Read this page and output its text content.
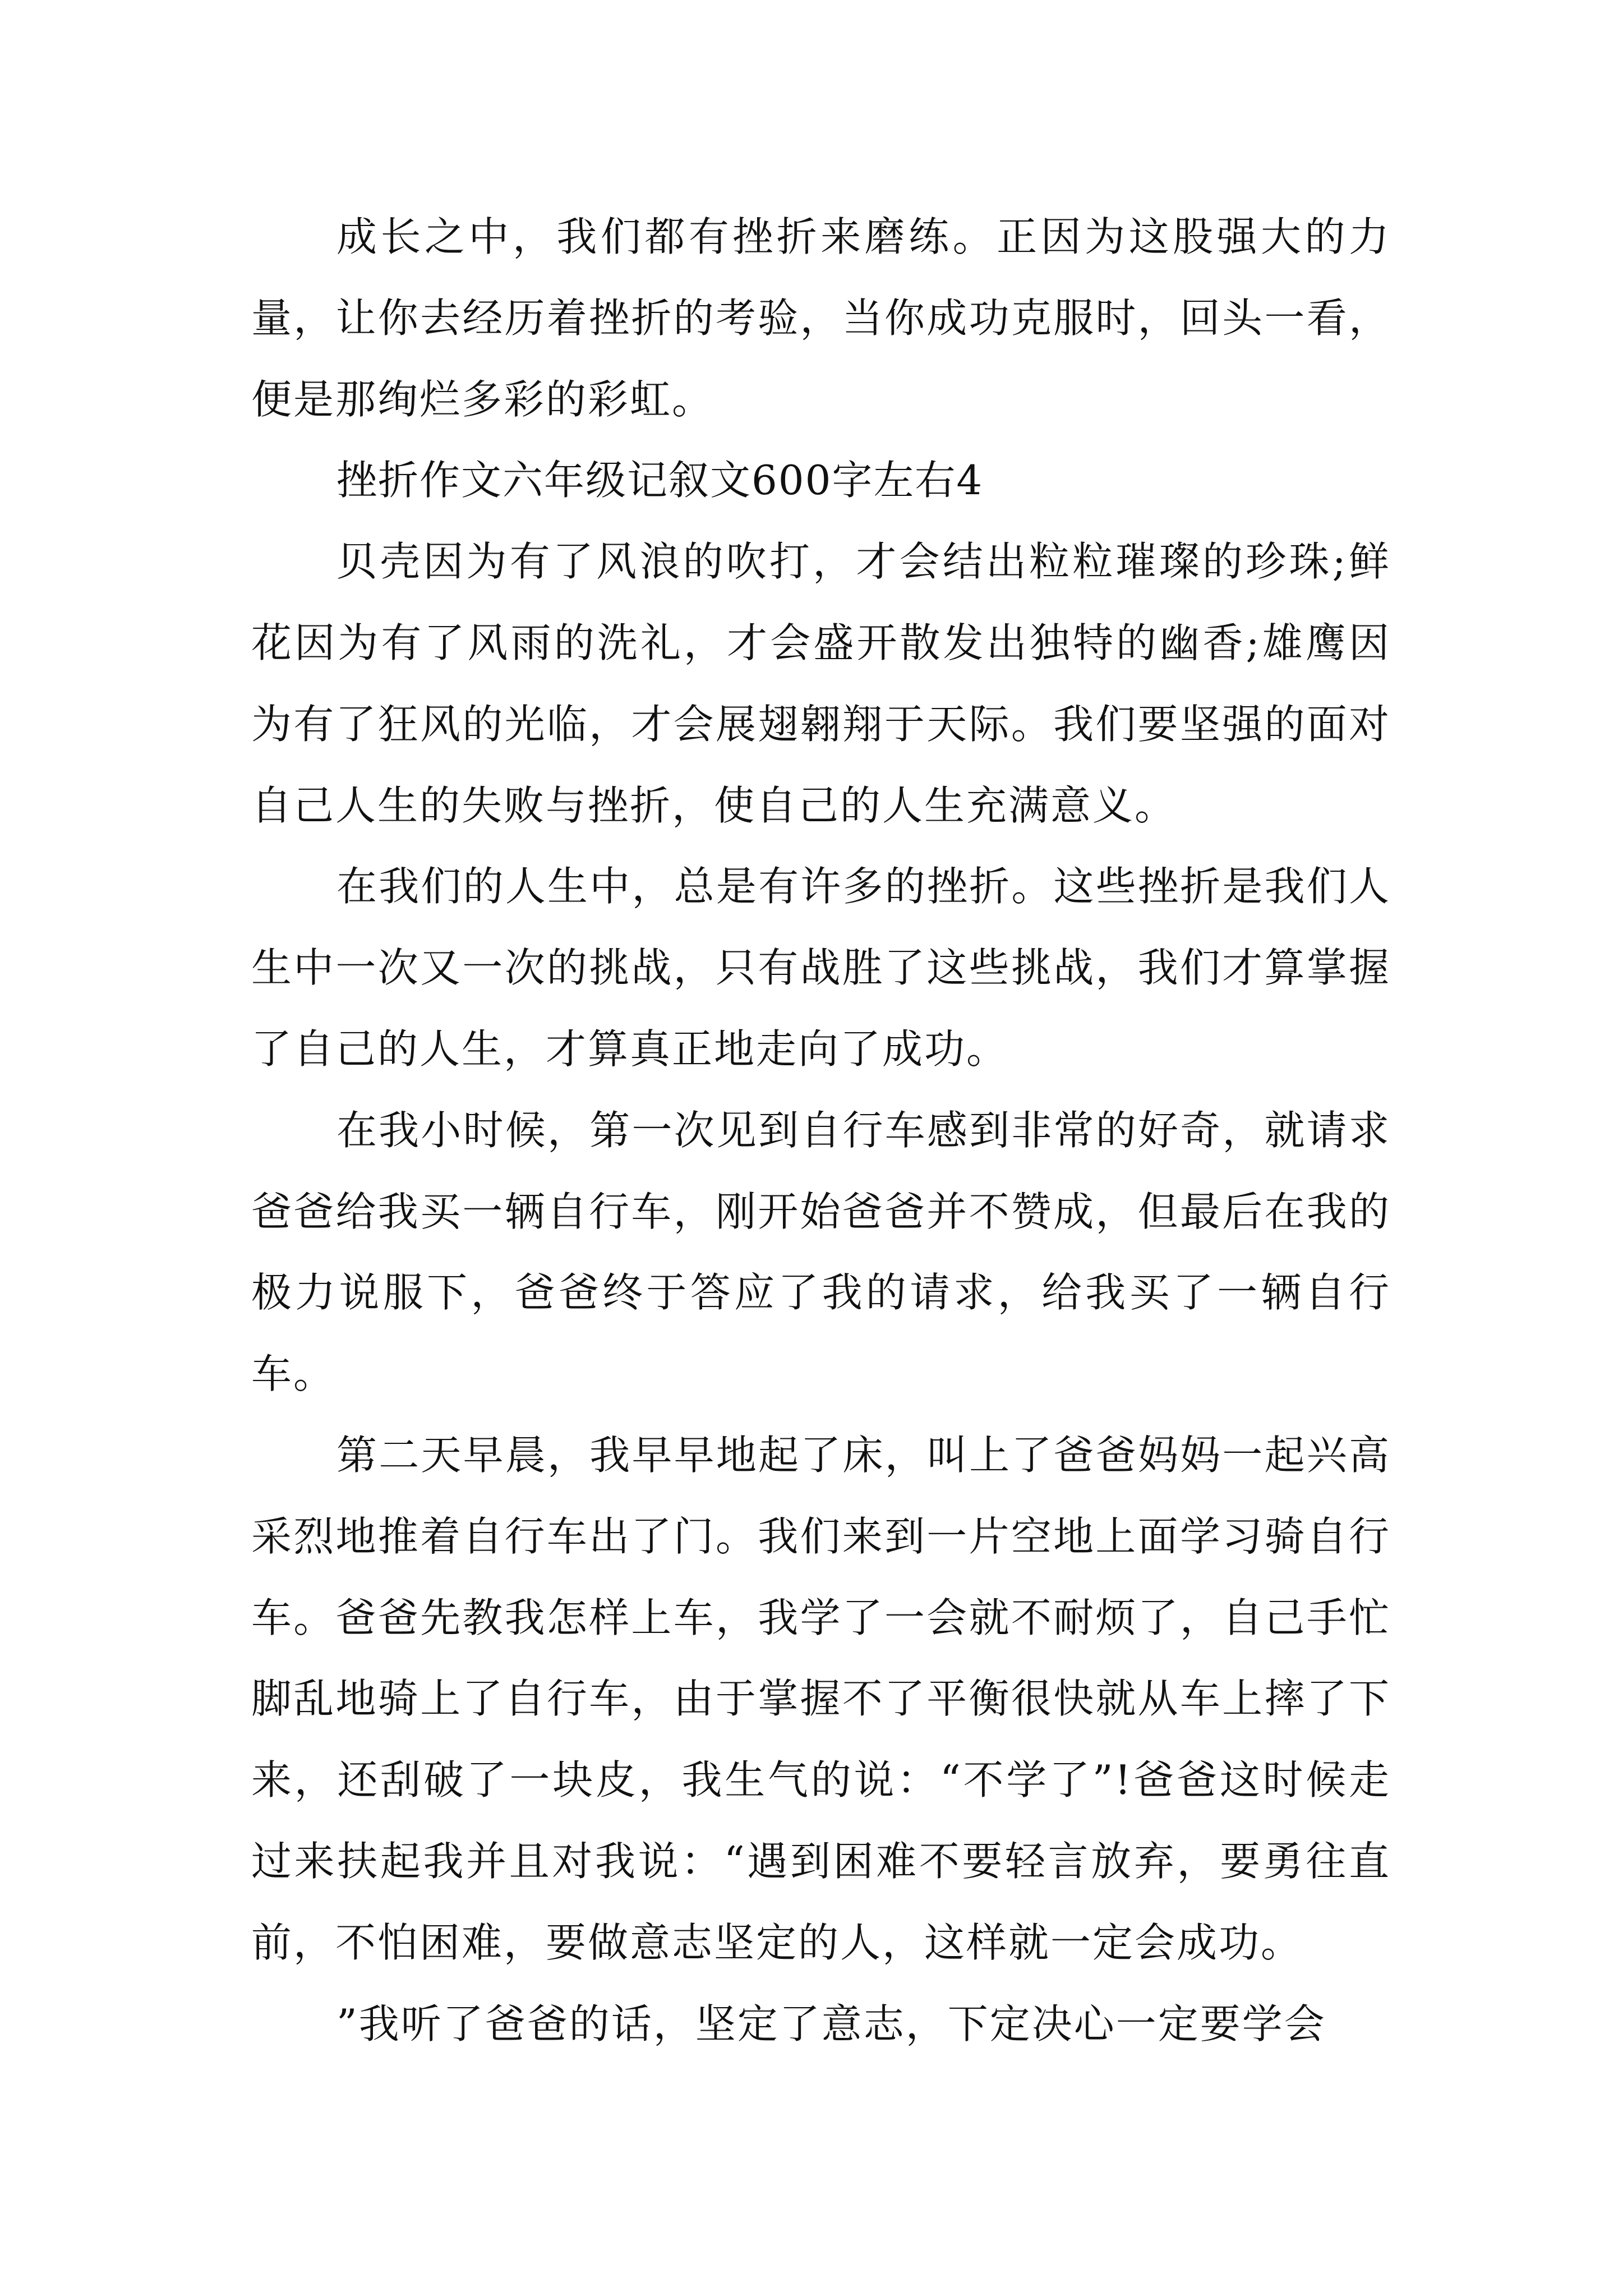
成长之中，我们都有挫折来磨练。正因为这股强大的力量，让你去经历着挫折的考验，当你成功克服时，回头一看，便是那绚烂多彩的彩虹。

挫折作文六年级记叙文600字左右4

贝壳因为有了风浪的吹打，才会结出粒粒璀璨的珍珠;鲜花因为有了风雨的洗礼，才会盛开散发出独特的幽香;雄鹰因为有了狂风的光临，才会展翅翱翔于天际。我们要坚强的面对自己人生的失败与挫折，使自己的人生充满意义。

在我们的人生中，总是有许多的挫折。这些挫折是我们人生中一次又一次的挑战，只有战胜了这些挑战，我们才算掌握了自己的人生，才算真正地走向了成功。

在我小时候，第一次见到自行车感到非常的好奇，就请求爸爸给我买一辆自行车，刚开始爸爸并不赞成，但最后在我的极力说服下，爸爸终于答应了我的请求，给我买了一辆自行车。

第二天早晨，我早早地起了床，叫上了爸爸妈妈一起兴高采烈地推着自行车出了门。我们来到一片空地上面学习骑自行车。爸爸先教我怎样上车，我学了一会就不耐烦了，自己手忙脚乱地骑上了自行车，由于掌握不了平衡很快就从车上摔了下来，还刮破了一块皮，我生气的说：“不学了”!爸爸这时候走过来扶起我并且对我说：“遇到困难不要轻言放弃，要勇往直前，不怕困难，要做意志坚定的人，这样就一定会成功。

”我听了爸爸的话，坚定了意志，下定决心一定要学会
